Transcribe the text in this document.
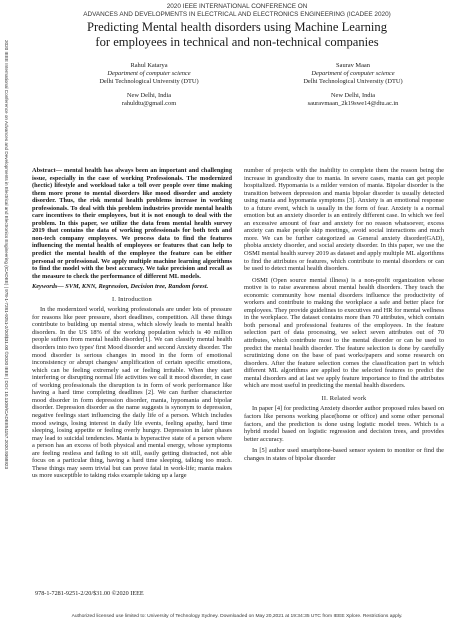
2020 IEEE International Conference on Advances and Developments in Electrical and Electronics Engineering (ICADEE) | 978-1-7281-9251-2/20/$31.00 ©2020 IEEE | DOI: 10.1109/ICADEE51157.2020.9368923
2020 IEEE INTERNATIONAL CONFERENCE ON
ADVANCES AND DEVELOPMENTS IN ELECTRICAL AND ELECTRONICS ENGINEERING (ICADEE 2020)
Predicting Mental health disorders using Machine Learning
for employees in technical and non-technical companies
Rahul Katarya
Department of computer science
Delhi Technological University (DTU)
New Delhi, India
rahuldtu@gmail.com
Saurav Maan
Department of computer science
Delhi Technological University (DTU)
New Delhi, India
sauravmaan_2k19swe14@dtu.ac.in

Abstract— mental health has always been an important and challenging issue, especially in the case of working Professionals. The modernized (hectic) lifestyle and workload take a toll over people over time making them more prone to mental disorders like mood disorder and anxiety disorder. Thus, the risk mental health problems increase in working professionals. To deal with this problem industries provide mental health care incentives to their employees, but it is not enough to deal with the problem. In this paper, we utilize the data from mental health survey 2019 that contains the data of working professionals for both tech and non-tech company employees. We process data to find the features influencing the mental health of employees or features that can help to predict the mental health of the employee the feature can be either personal or professional. We apply multiple machine learning algorithms to find the model with the best accuracy. We take precision and recall as the measure to check the performance of different ML models.

Keywords— SVM, KNN, Regression, Decision tree, Random forest.

I. Introduction

In the modernized world, working professionals are under lots of pressure for reasons like peer pressure, short deadlines, competition. All these things contribute to building up mental stress, which slowly leads to mental health disorders. In the US 18% of the working population which is 40 million people suffers from mental health disorder[1]. We can classify mental health disorders into two types' first Mood disorder and second Anxiety disorder. The mood disorder is serious changes in mood in the form of emotional inconsistency or abrupt changes/ amplification of certain specific emotions, which can be feeling extremely sad or feeling irritable. When they start interfering or disrupting normal life activities we call it mood disorder, in case of working professionals the disruption is in form of work performance like having a hard time completing deadlines [2]. We can further characterize mood disorder in form depression disorder, mania, hypomania and bipolar disorder. Depression disorder as the name suggests is synonym to depression, negative feelings start influencing the daily life of a person. Which includes mood swings, losing interest in daily life events, feeling apathy, hard time sleeping, losing appetite or feeling overly hungry. Depression in later phases may lead to suicidal tendencies. Mania is hyperactive state of a person where a person has an excess of both physical and mental energy, whose symptoms are feeling restless and failing to sit still, easily getting distracted, not able focus on a particular thing, having a hard time sleeping, talking too much. These things may seem trivial but can prove fatal in work-life; mania makes us more susceptible to taking risks example taking up a large

number of projects with the inability to complete them the reason being the increase in grandiosity due to mania. In severe cases, mania can get people hospitalized. Hypomania is a milder version of mania. Bipolar disorder is the transition between depression and mania bipolar disorder is usually detected using mania and hypomania symptoms [3]. Anxiety is an emotional response to a future event, which is usually in the form of fear. Anxiety is a normal emotion but an anxiety disorder is an entirely different case. In which we feel an excessive amount of fear and anxiety for no reason whatsoever, excess anxiety can make people skip meetings, avoid social interactions and much more. We can be further categorized as General anxiety disorder(GAD), phobia anxiety disorder, and social anxiety disorder. In this paper, we use the OSMI mental health survey 2019 as dataset and apply multiple ML algorithms to find the attributes or features, which contribute to mental disorders or can be used to detect mental health disorders.

OSMI (Open source mental illness) is a non-profit organization whose motive is to raise awareness about mental health disorders. They teach the economic community how mental disorders influence the productivity of workers and contribute to making the workplace a safe and better place for employees. They provide guidelines to executives and HR for mental wellness in the workplace. The dataset contains more than 70 attributes, which contain both personal and professional features of the employees. In the feature selection part of data processing, we select seven attributes out of 70 attributes, which contribute most to the mental disorder or can be used to predict the mental health disorder. The feature selection is done by carefully scrutinizing done on the base of past works/papers and some research on disorders. After the feature selection comes the classification part in which different ML algorithms are applied to the selected features to predict the mental disorders and at last we apply feature importance to find the attributes which are most useful in predicting the mental health disorders.

II. Related work

In paper [4] for predicting Anxiety disorder author proposed rules based on factors like persons working place(home or office) and some other personal factors, and the prediction is done using logistic model trees. Which is a hybrid model based on logistic regression and decision trees, and provides better accuracy.

In [5] author used smartphone-based sensor system to monitor or find the changes in states of bipolar disorder

978-1-7281-9251-2/20/$31.00 ©2020 IEEE
Authorized licensed use limited to: University of Technology Sydney. Downloaded on May 20,2021 at 19:34:35 UTC from IEEE Xplore. Restrictions apply.
